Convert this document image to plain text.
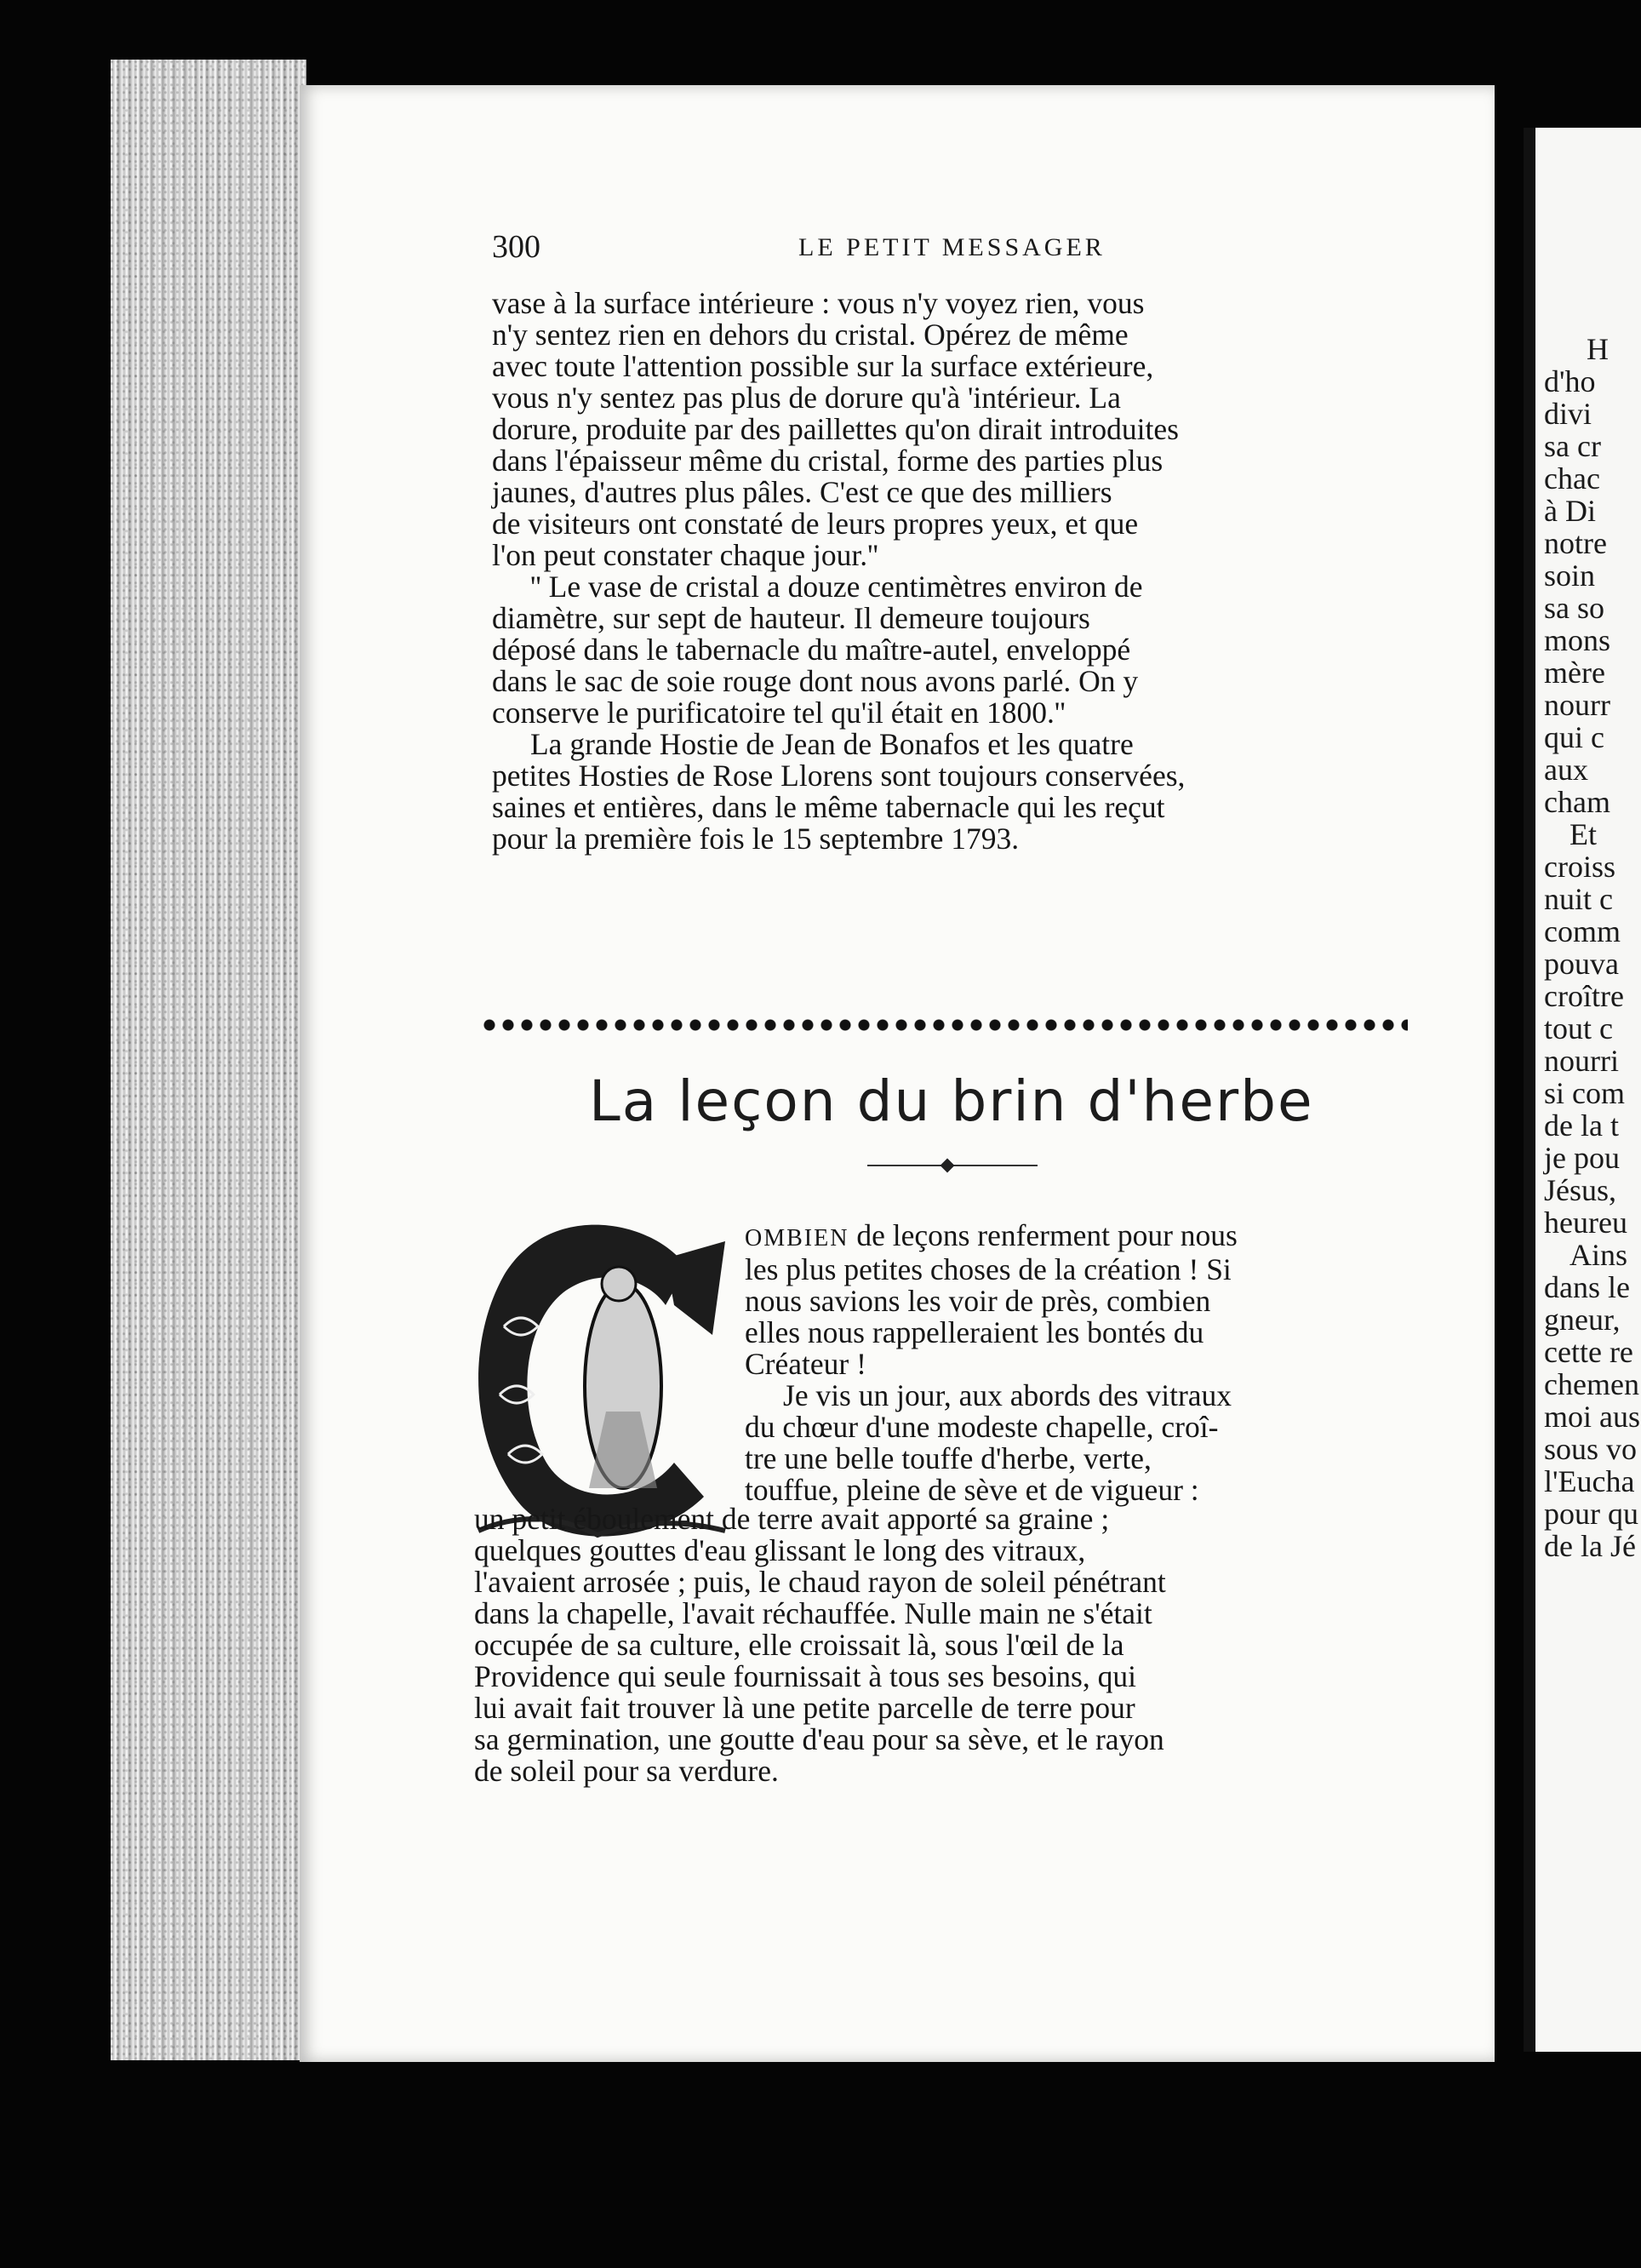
300	LE PETIT MESSAGER

vase à la surface intérieure : vous n'y voyez rien, vous

n'y sentez rien en dehors du cristal. Opérez de même

avec toute l'attention possible sur la surface extérieure,

vous n'y sentez pas plus de dorure qu'à 'intérieur. La

dorure, produite par des paillettes qu'on dirait introduites

dans l'épaisseur même du cristal, forme des parties plus

jaunes, d'autres plus pâles. C'est ce que des milliers

de visiteurs ont constaté de leurs propres yeux, et que

l'on peut constater chaque jour.''

'' Le vase de cristal a douze centimètres environ de

diamètre, sur sept de hauteur. Il demeure toujours

déposé dans le tabernacle du maître-autel, enveloppé

dans le sac de soie rouge dont nous avons parlé. On y

conserve le purificatoire tel qu'il était en 1800.''

La grande Hostie de Jean de Bonafos et les quatre

petites Hosties de Rose Llorens sont toujours conservées,

saines et entières, dans le même tabernacle qui les reçut

pour la première fois le 15 septembre 1793.

La leçon du brin d'herbe

OMBIEN de leçons renferment pour nous

les plus petites choses de la création ! Si

nous savions les voir de près, combien

elles nous rappelleraient les bontés du

Créateur !

Je vis un jour, aux abords des vitraux

du chœur d'une modeste chapelle, croî-

tre une belle touffe d'herbe, verte,

touffue, pleine de sève et de vigueur :

un petit éboulement de terre avait apporté sa graine ;

quelques gouttes d'eau glissant le long des vitraux,

l'avaient arrosée ; puis, le chaud rayon de soleil pénétrant

dans la chapelle, l'avait réchauffée. Nulle main ne s'était

occupée de sa culture, elle croissait là, sous l'œil de la

Providence qui seule fournissait à tous ses besoins, qui

lui avait fait trouver là une petite parcelle de terre pour

sa germination, une goutte d'eau pour sa sève, et le rayon

de soleil pour sa verdure.

H
d'ho
divi
sa cr
chac
à Di
notre
soin
sa so
mons
mère
nourr
qui c
aux
cham
Et
croiss
nuit c
comm
pouva
croître
tout c
nourri
si com
de la t
je pou
Jésus,
heureu
Ains
dans le
gneur,
cette re
chemen
moi aus
sous vo
l'Eucha
pour qu
de la Jé
